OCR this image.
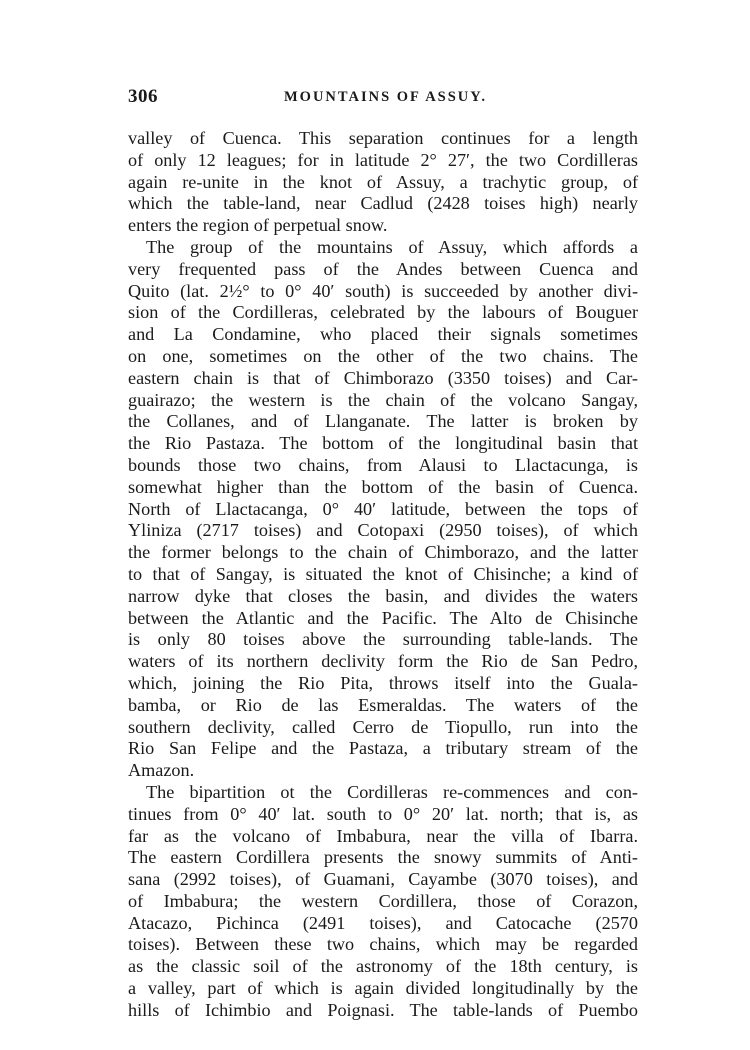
306	MOUNTAINS OF ASSUY.
valley of Cuenca. This separation continues for a length
of only 12 leagues; for in latitude 2° 27′, the two Cordilleras
again re-unite in the knot of Assuy, a trachytic group, of
which the table-land, near Cadlud (2428 toises high) nearly
enters the region of perpetual snow.
The group of the mountains of Assuy, which affords a
very frequented pass of the Andes between Cuenca and
Quito (lat. 2½° to 0° 40′ south) is succeeded by another divi-
sion of the Cordilleras, celebrated by the labours of Bouguer
and La Condamine, who placed their signals sometimes
on one, sometimes on the other of the two chains. The
eastern chain is that of Chimborazo (3350 toises) and Car-
guairazo; the western is the chain of the volcano Sangay,
the Collanes, and of Llanganate. The latter is broken by
the Rio Pastaza. The bottom of the longitudinal basin that
bounds those two chains, from Alausi to Llactacunga, is
somewhat higher than the bottom of the basin of Cuenca.
North of Llactacanga, 0° 40′ latitude, between the tops of
Yliniza (2717 toises) and Cotopaxi (2950 toises), of which
the former belongs to the chain of Chimborazo, and the latter
to that of Sangay, is situated the knot of Chisinche; a kind of
narrow dyke that closes the basin, and divides the waters
between the Atlantic and the Pacific. The Alto de Chisinche
is only 80 toises above the surrounding table-lands. The
waters of its northern declivity form the Rio de San Pedro,
which, joining the Rio Pita, throws itself into the Guala-
bamba, or Rio de las Esmeraldas. The waters of the
southern declivity, called Cerro de Tiopullo, run into the
Rio San Felipe and the Pastaza, a tributary stream of the
Amazon.
The bipartition ot the Cordilleras re-commences and con-
tinues from 0° 40′ lat. south to 0° 20′ lat. north; that is, as
far as the volcano of Imbabura, near the villa of Ibarra.
The eastern Cordillera presents the snowy summits of Anti-
sana (2992 toises), of Guamani, Cayambe (3070 toises), and
of Imbabura; the western Cordillera, those of Corazon,
Atacazo, Pichinca (2491 toises), and Catocache (2570
toises). Between these two chains, which may be regarded
as the classic soil of the astronomy of the 18th century, is
a valley, part of which is again divided longitudinally by the
hills of Ichimbio and Poignasi. The table-lands of Puembo
